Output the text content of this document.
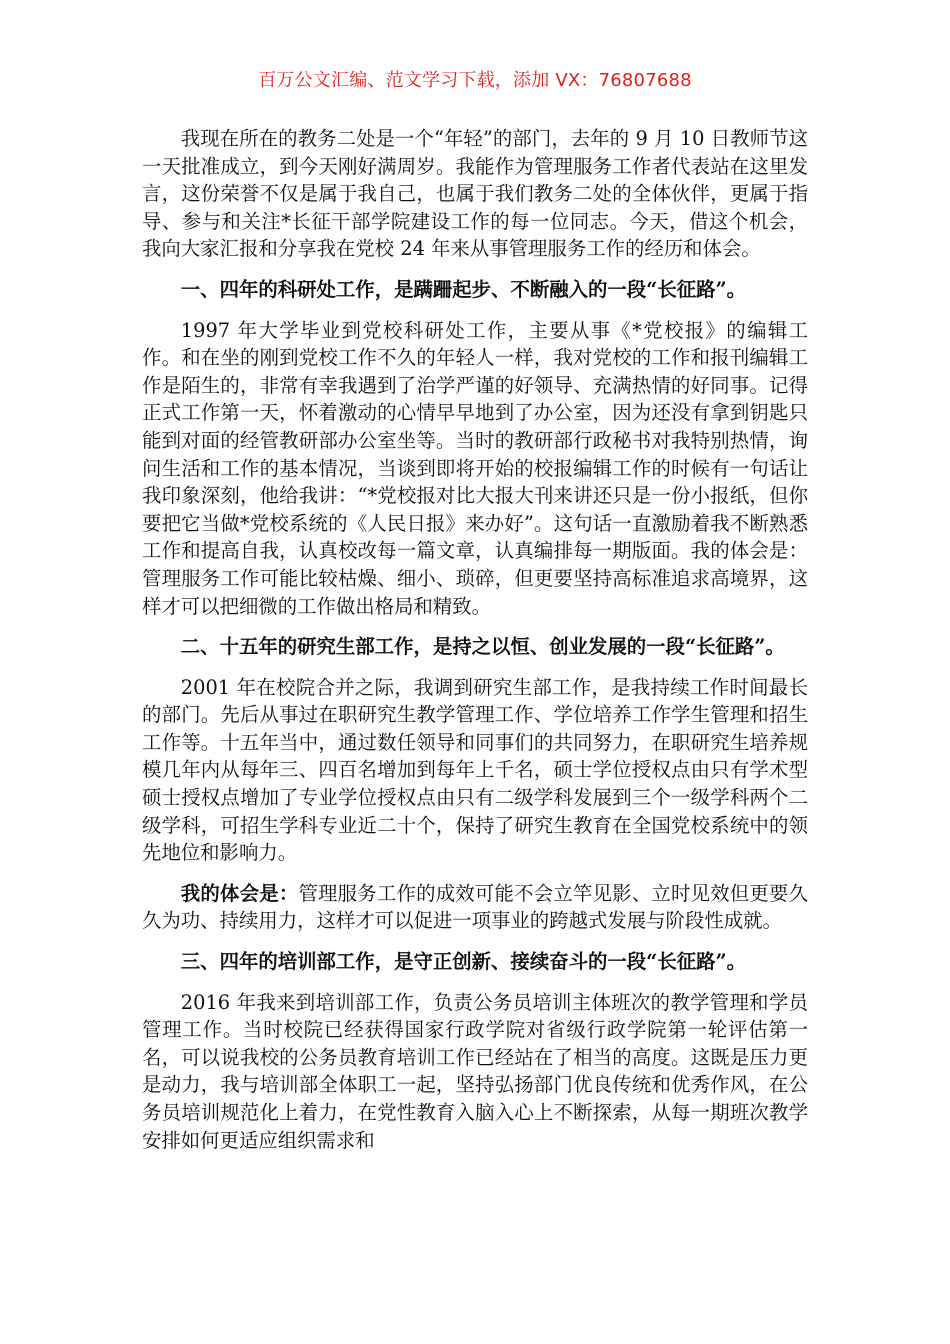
百万公文汇编、范文学习下载，添加 VX：76807688

我现在所在的教务二处是一个“年轻”的部门，去年的 9 月 10 日教师节这一天批准成立，到今天刚好满周岁。我能作为管理服务工作者代表站在这里发言，这份荣誉不仅是属于我自己，也属于我们教务二处的全体伙伴，更属于指导、参与和关注*长征干部学院建设工作的每一位同志。今天，借这个机会，我向大家汇报和分享我在党校 24 年来从事管理服务工作的经历和体会。

一、四年的科研处工作，是蹒跚起步、不断融入的一段“长征路”。

1997 年大学毕业到党校科研处工作，主要从事《*党校报》的编辑工作。和在坐的刚到党校工作不久的年轻人一样，我对党校的工作和报刊编辑工作是陌生的，非常有幸我遇到了治学严谨的好领导、充满热情的好同事。记得正式工作第一天，怀着激动的心情早早地到了办公室，因为还没有拿到钥匙只能到对面的经管教研部办公室坐等。当时的教研部行政秘书对我特别热情，询问生活和工作的基本情况，当谈到即将开始的校报编辑工作的时候有一句话让我印象深刻，他给我讲：“*党校报对比大报大刊来讲还只是一份小报纸，但你要把它当做*党校系统的《人民日报》来办好”。这句话一直激励着我不断熟悉工作和提高自我，认真校改每一篇文章，认真编排每一期版面。我的体会是：管理服务工作可能比较枯燥、细小、琐碎，但更要坚持高标准追求高境界，这样才可以把细微的工作做出格局和精致。

二、十五年的研究生部工作，是持之以恒、创业发展的一段“长征路”。

2001 年在校院合并之际，我调到研究生部工作，是我持续工作时间最长的部门。先后从事过在职研究生教学管理工作、学位培养工作学生管理和招生工作等。十五年当中，通过数任领导和同事们的共同努力，在职研究生培养规模几年内从每年三、四百名增加到每年上千名，硕士学位授权点由只有学术型硕士授权点增加了专业学位授权点由只有二级学科发展到三个一级学科两个二级学科，可招生学科专业近二十个，保持了研究生教育在全国党校系统中的领先地位和影响力。

我的体会是：管理服务工作的成效可能不会立竿见影、立时见效但更要久久为功、持续用力，这样才可以促进一项事业的跨越式发展与阶段性成就。

三、四年的培训部工作，是守正创新、接续奋斗的一段“长征路”。

2016 年我来到培训部工作，负责公务员培训主体班次的教学管理和学员管理工作。当时校院已经获得国家行政学院对省级行政学院第一轮评估第一名，可以说我校的公务员教育培训工作已经站在了相当的高度。这既是压力更是动力，我与培训部全体职工一起，坚持弘扬部门优良传统和优秀作风，在公务员培训规范化上着力，在党性教育入脑入心上不断探索，从每一期班次教学安排如何更适应组织需求和
